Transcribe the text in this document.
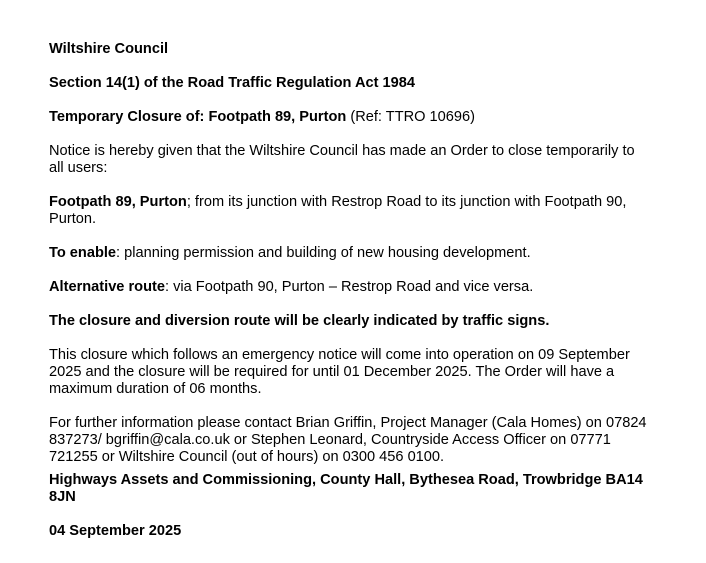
Wiltshire Council

Section 14(1) of the Road Traffic Regulation Act 1984

Temporary Closure of: Footpath 89, Purton (Ref: TTRO 10696)

Notice is hereby given that the Wiltshire Council has made an Order to close temporarily to all users:

Footpath 89, Purton; from its junction with Restrop Road to its junction with Footpath 90, Purton.

To enable: planning permission and building of new housing development.

Alternative route: via Footpath 90, Purton – Restrop Road and vice versa.

The closure and diversion route will be clearly indicated by traffic signs.

This closure which follows an emergency notice will come into operation on 09 September 2025 and the closure will be required for until 01 December 2025. The Order will have a maximum duration of 06 months.

For further information please contact Brian Griffin, Project Manager (Cala Homes) on 07824 837273/ bgriffin@cala.co.uk or Stephen Leonard, Countryside Access Officer on 07771 721255 or Wiltshire Council (out of hours) on 0300 456 0100.

Highways Assets and Commissioning, County Hall, Bythesea Road, Trowbridge BA14 8JN

04 September 2025
